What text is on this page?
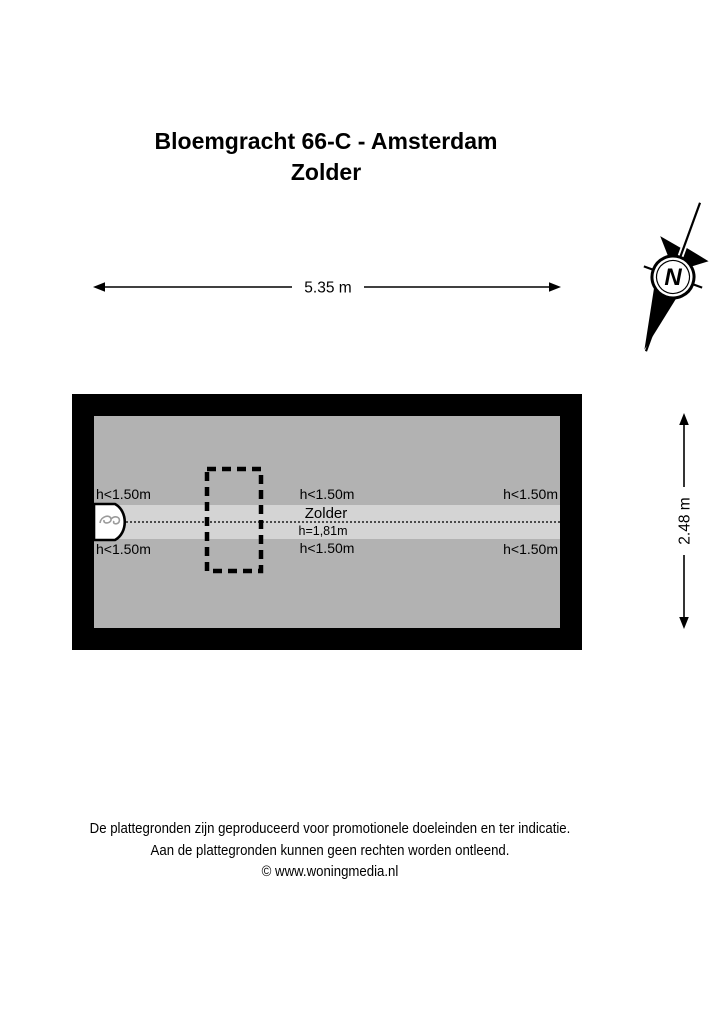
Bloemgracht 66-C - Amsterdam
Zolder
N
5.35 m
h<1.50m
h<1.50m
h<1.50m
Zolder
h=1,81m
h<1.50m
h<1.50m
h<1.50m
2.48 m
De plattegronden zijn geproduceerd voor promotionele doeleinden en ter indicatie.
Aan de plattegronden kunnen geen rechten worden ontleend.
© www.woningmedia.nl
